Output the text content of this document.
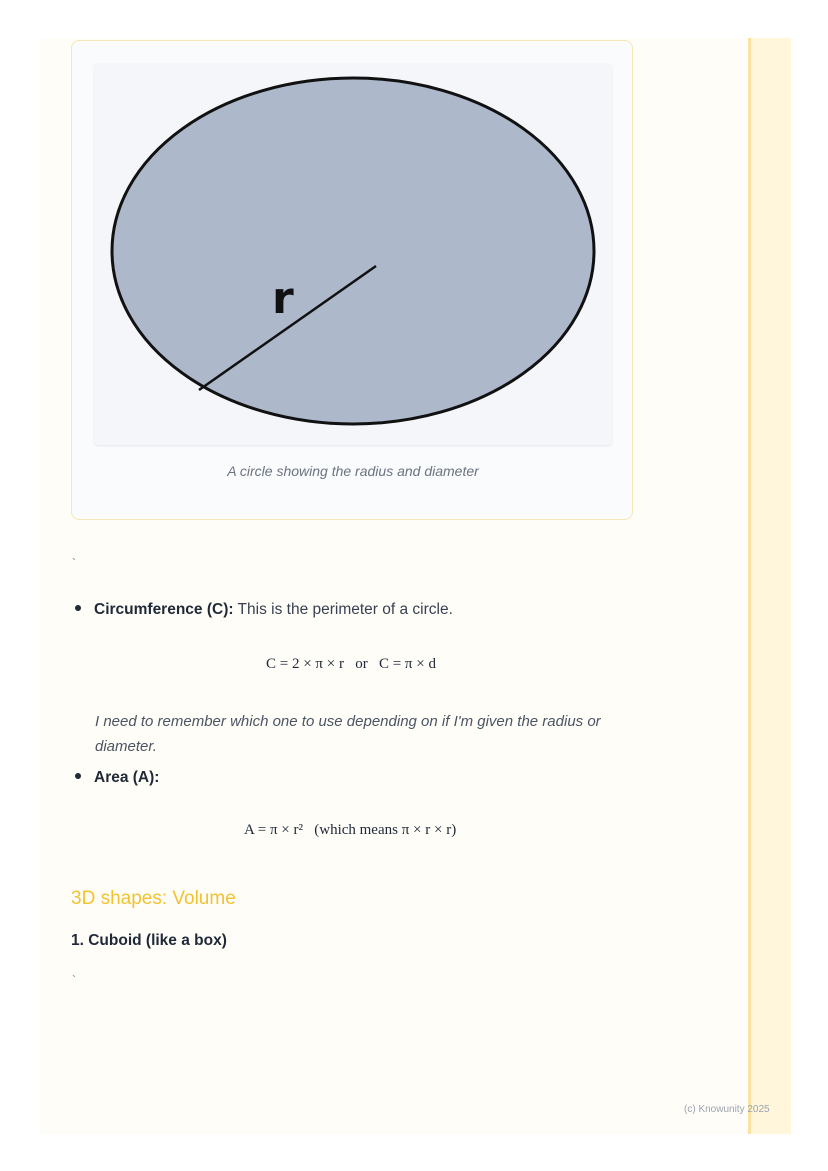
r
A circle showing the radius and diameter
`
Circumference (C): This is the perimeter of a circle.
C = 2 × π × r   or   C = π × d
I need to remember which one to use depending on if I'm given the radius or diameter.
Area (A):
A = π × r²   (which means π × r × r)
3D shapes: Volume
1. Cuboid (like a box)
`
(c) Knowunity 2025
